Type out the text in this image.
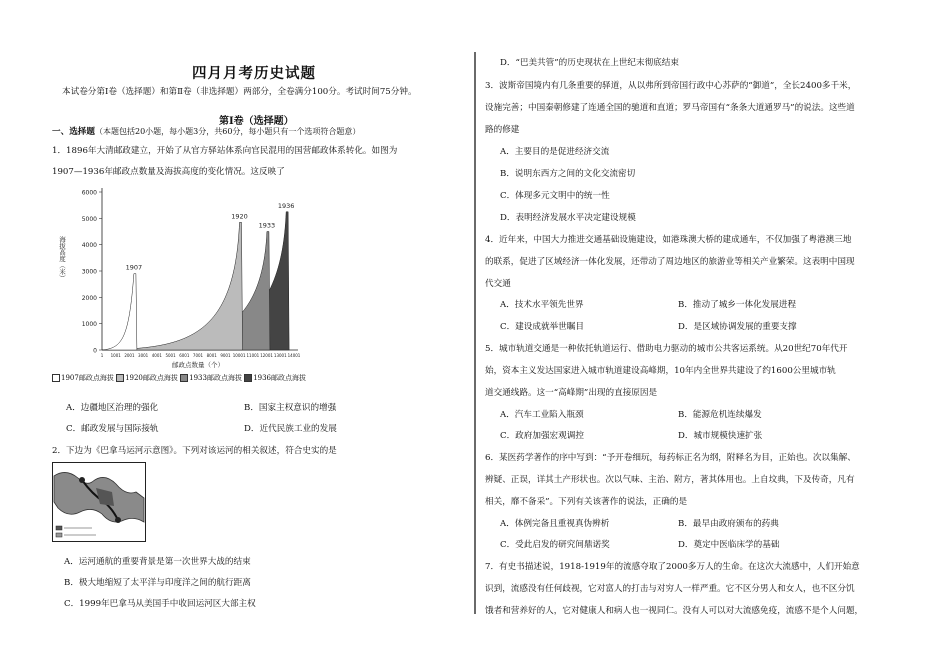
四月月考历史试题
本试卷分第Ⅰ卷（选择题）和第Ⅱ卷（非选择题）两部分，全卷满分100分。考试时间75分钟。
第Ⅰ卷（选择题）
一、选择题（本题包括20小题，每小题3分，共60分，每小题只有一个选项符合题意）
1．1896年大清邮政建立，开始了从官方驿站体系向官民混用的国营邮政体系转化。如图为
1907—1936年邮政点数量及海拔高度的变化情况。这反映了
0
1000
2000
3000
4000
5000
6000
1 1001 2001 3001 4001 5001 6001 7001 8001 9001 10001 11001 12001 13001 14001
海拔高度（米）
邮政点数量（个）
1936
1933
1920
1907
1907邮政点海拔 1920邮政点海拔 1933邮政点海拔 1936邮政点海拔
A．边疆地区治理的强化	B．国家主权意识的增强
C．邮政发展与国际接轨	D．近代民族工业的发展
2．下边为《巴拿马运河示意图》。下列对该运河的相关叙述，符合史实的是
A．运河通航的重要背景是第一次世界大战的结束
B．极大地缩短了太平洋与印度洋之间的航行距离
C．1999年巴拿马从美国手中收回运河区大部主权
D．“巴美共管”的历史现状在上世纪末彻底结束
3．波斯帝国境内有几条重要的驿道，从以弗所到帝国行政中心苏萨的“御道”，全长2400多千米，
设施完善；中国秦朝修建了连通全国的驰道和直道；罗马帝国有“条条大道通罗马”的说法。这些道
路的修建
A．主要目的是促进经济交流
B．说明东西方之间的文化交流密切
C．体现多元文明中的统一性
D．表明经济发展水平决定建设规模
4．近年来，中国大力推进交通基础设施建设，如港珠澳大桥的建成通车，不仅加强了粤港澳三地
的联系，促进了区域经济一体化发展，还带动了周边地区的旅游业等相关产业繁荣。这表明中国现
代交通
A．技术水平领先世界	B．推动了城乡一体化发展进程
C．建设成就举世瞩目	D．是区域协调发展的重要支撑
5．城市轨道交通是一种依托轨道运行、借助电力驱动的城市公共客运系统。从20世纪70年代开
始，资本主义发达国家进入城市轨道建设高峰期，10年内全世界共建设了约1600公里城市轨
道交通线路。这一“高峰期”出现的直接原因是
A．汽车工业陷入瓶颈	B．能源危机连续爆发
C．政府加强宏观调控	D．城市规模快速扩张
6．某医药学著作的序中写到：“予开卷细玩，每药标正名为纲，附释名为目，正始也。次以集解、
辨疑、正误，详其土产形状也。次以气味、主治、附方，著其体用也。上自坟典，下及传奇，凡有
相关，靡不备采”。下列有关该著作的说法，正确的是
A．体例完备且重视真伪辨析	B．最早由政府颁布的药典
C．受此启发的研究间鼎诺奖	D．奠定中医临床学的基础
7．有史书描述说，1918-1919年的流感夺取了2000多万人的生命。在这次大流感中，人们开始意
识到，流感没有任何歧视，它对富人的打击与对穷人一样严重。它不区分男人和女人，也不区分饥
饿者和营养好的人，它对健康人和病人也一视同仁。没有人可以对大流感免疫，流感不是个人问题，
